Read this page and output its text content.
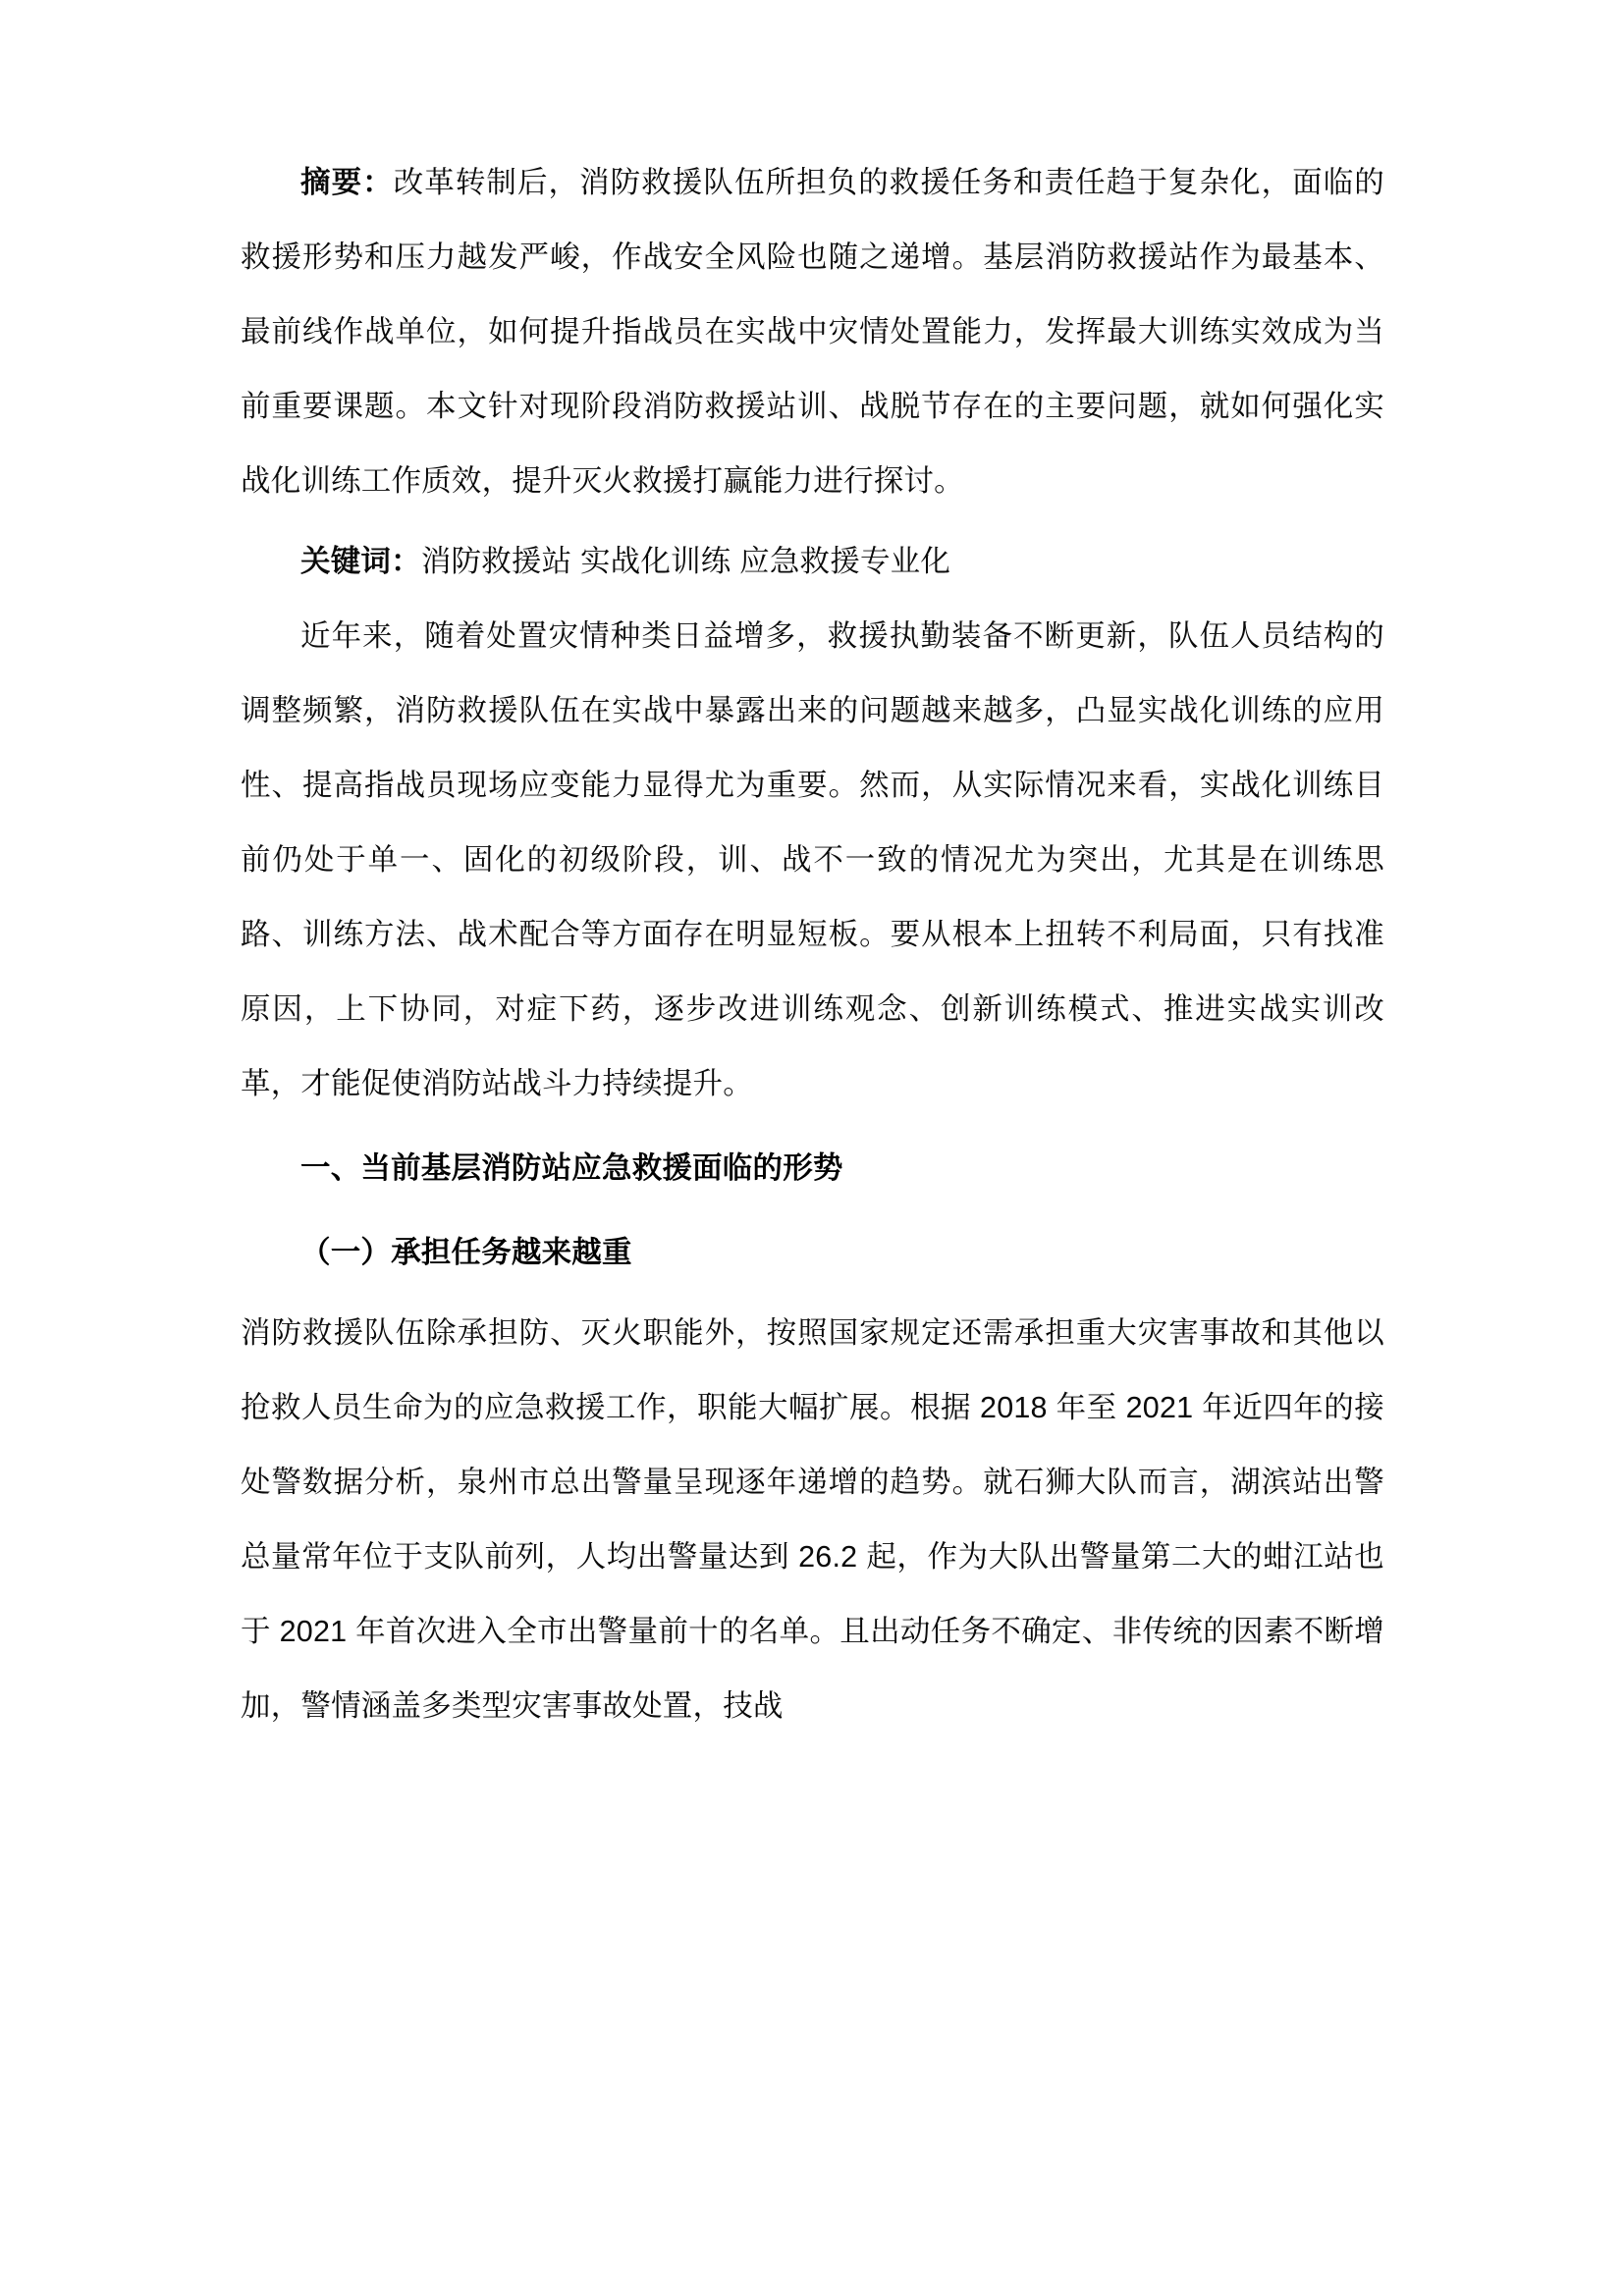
摘要：改革转制后，消防救援队伍所担负的救援任务和责任趋于复杂化，面临的救援形势和压力越发严峻，作战安全风险也随之递增。基层消防救援站作为最基本、最前线作战单位，如何提升指战员在实战中灾情处置能力，发挥最大训练实效成为当前重要课题。本文针对现阶段消防救援站训、战脱节存在的主要问题，就如何强化实战化训练工作质效，提升灭火救援打赢能力进行探讨。

关键词：消防救援站 实战化训练 应急救援专业化

近年来，随着处置灾情种类日益增多，救援执勤装备不断更新，队伍人员结构的调整频繁，消防救援队伍在实战中暴露出来的问题越来越多，凸显实战化训练的应用性、提高指战员现场应变能力显得尤为重要。然而，从实际情况来看，实战化训练目前仍处于单一、固化的初级阶段，训、战不一致的情况尤为突出，尤其是在训练思路、训练方法、战术配合等方面存在明显短板。要从根本上扭转不利局面，只有找准原因，上下协同，对症下药，逐步改进训练观念、创新训练模式、推进实战实训改革，才能促使消防站战斗力持续提升。

一、当前基层消防站应急救援面临的形势
（一）承担任务越来越重

消防救援队伍除承担防、灭火职能外，按照国家规定还需承担重大灾害事故和其他以抢救人员生命为的应急救援工作，职能大幅扩展。根据 2018 年至 2021 年近四年的接处警数据分析，泉州市总出警量呈现逐年递增的趋势。就石狮大队而言，湖滨站出警总量常年位于支队前列，人均出警量达到 26.2 起，作为大队出警量第二大的蚶江站也于 2021 年首次进入全市出警量前十的名单。且出动任务不确定、非传统的因素不断增加，警情涵盖多类型灾害事故处置，技战
